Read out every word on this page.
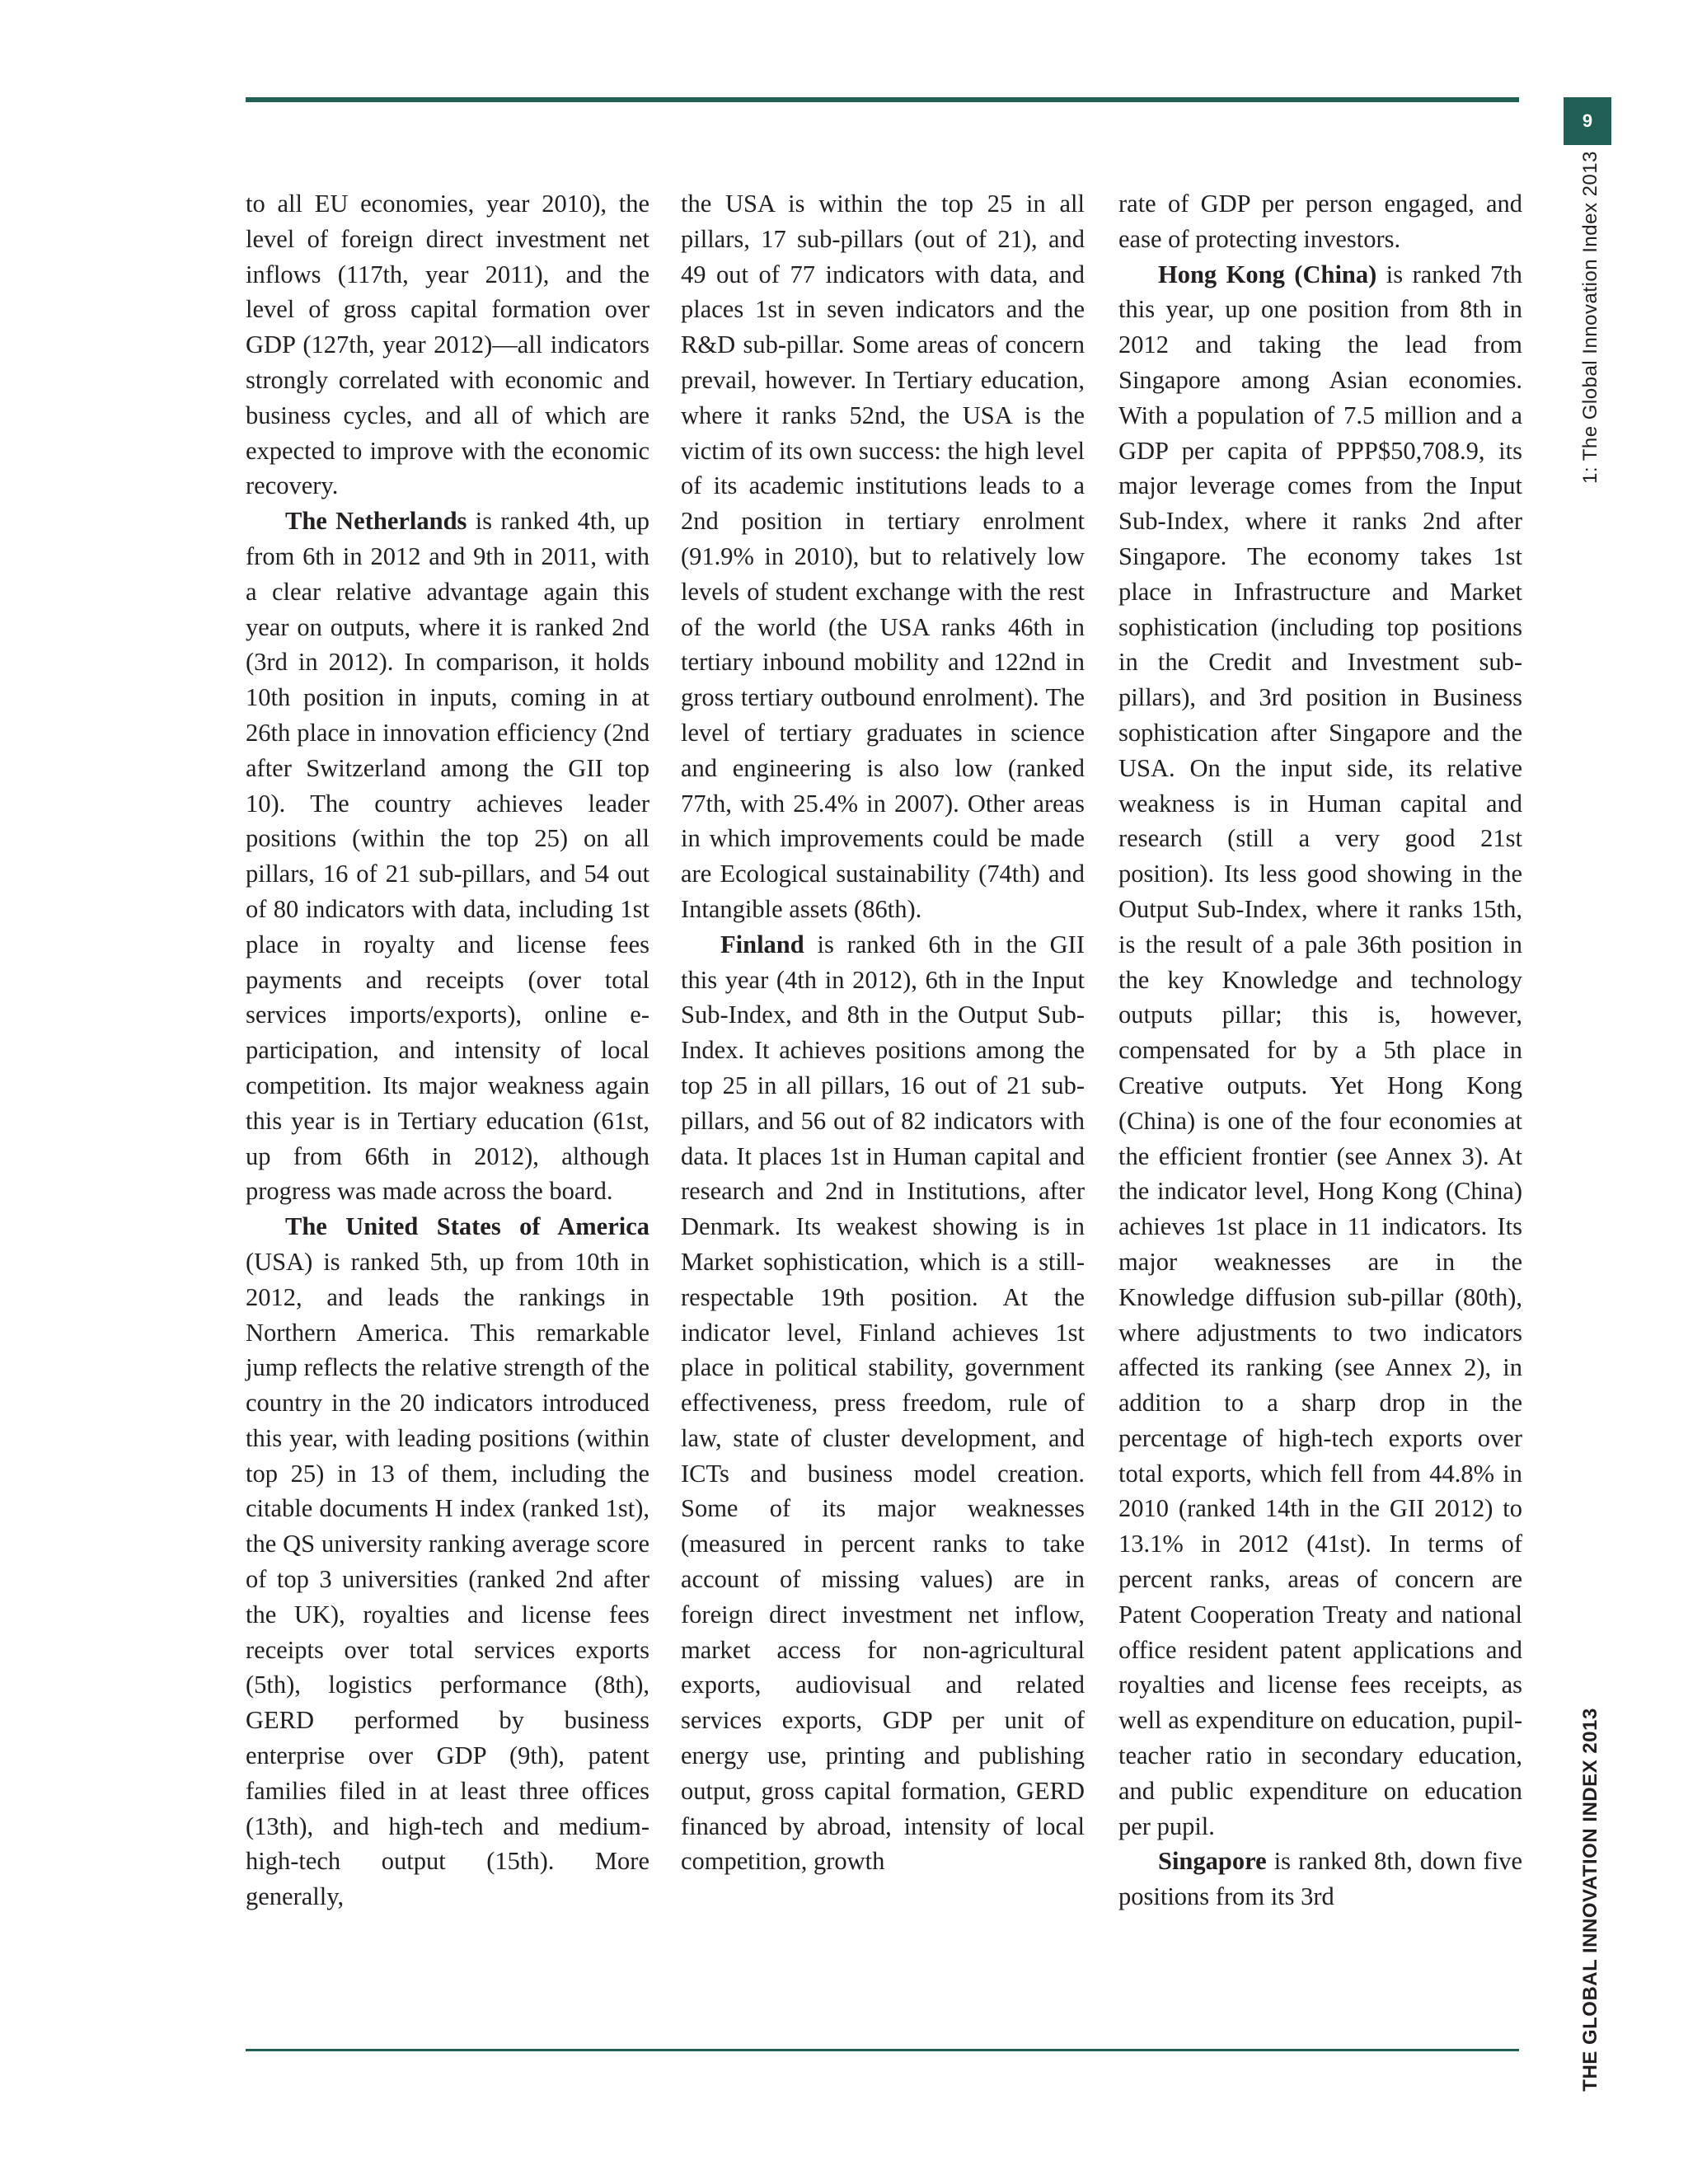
9
1: The Global Innovation Index 2013
THE GLOBAL INNOVATION INDEX 2013

to all EU economies, year 2010), the level of foreign direct investment net inflows (117th, year 2011), and the level of gross capital formation over GDP (127th, year 2012)—all indicators strongly correlated with economic and business cycles, and all of which are expected to improve with the economic recovery.

The Netherlands is ranked 4th, up from 6th in 2012 and 9th in 2011, with a clear relative advantage again this year on outputs, where it is ranked 2nd (3rd in 2012). In comparison, it holds 10th position in inputs, coming in at 26th place in innovation efficiency (2nd after Switzerland among the GII top 10). The country achieves leader positions (within the top 25) on all pillars, 16 of 21 sub-pillars, and 54 out of 80 indicators with data, including 1st place in royalty and license fees payments and receipts (over total services imports/exports), online e-participation, and intensity of local competition. Its major weakness again this year is in Tertiary education (61st, up from 66th in 2012), although progress was made across the board.

The United States of America (USA) is ranked 5th, up from 10th in 2012, and leads the rankings in Northern America. This remarkable jump reflects the relative strength of the country in the 20 indicators introduced this year, with leading positions (within top 25) in 13 of them, including the citable documents H index (ranked 1st), the QS university ranking average score of top 3 universities (ranked 2nd after the UK), royalties and license fees receipts over total services exports (5th), logistics performance (8th), GERD performed by business enterprise over GDP (9th), patent families filed in at least three offices (13th), and high-tech and medium-high-tech output (15th). More generally,

the USA is within the top 25 in all pillars, 17 sub-pillars (out of 21), and 49 out of 77 indicators with data, and places 1st in seven indicators and the R&D sub-pillar. Some areas of concern prevail, however. In Tertiary education, where it ranks 52nd, the USA is the victim of its own success: the high level of its academic institutions leads to a 2nd position in tertiary enrolment (91.9% in 2010), but to relatively low levels of student exchange with the rest of the world (the USA ranks 46th in tertiary inbound mobility and 122nd in gross tertiary outbound enrolment). The level of tertiary graduates in science and engineering is also low (ranked 77th, with 25.4% in 2007). Other areas in which improvements could be made are Ecological sustainability (74th) and Intangible assets (86th).

Finland is ranked 6th in the GII this year (4th in 2012), 6th in the Input Sub-Index, and 8th in the Output Sub-Index. It achieves positions among the top 25 in all pillars, 16 out of 21 sub-pillars, and 56 out of 82 indicators with data. It places 1st in Human capital and research and 2nd in Institutions, after Denmark. Its weakest showing is in Market sophistication, which is a still-respectable 19th position. At the indicator level, Finland achieves 1st place in political stability, government effectiveness, press freedom, rule of law, state of cluster development, and ICTs and business model creation. Some of its major weaknesses (measured in percent ranks to take account of missing values) are in foreign direct investment net inflow, market access for non-agricultural exports, audiovisual and related services exports, GDP per unit of energy use, printing and publishing output, gross capital formation, GERD financed by abroad, intensity of local competition, growth

rate of GDP per person engaged, and ease of protecting investors.

Hong Kong (China) is ranked 7th this year, up one position from 8th in 2012 and taking the lead from Singapore among Asian economies. With a population of 7.5 million and a GDP per capita of PPP$50,708.9, its major leverage comes from the Input Sub-Index, where it ranks 2nd after Singapore. The economy takes 1st place in Infrastructure and Market sophistication (including top positions in the Credit and Investment sub-pillars), and 3rd position in Business sophistication after Singapore and the USA. On the input side, its relative weakness is in Human capital and research (still a very good 21st position). Its less good showing in the Output Sub-Index, where it ranks 15th, is the result of a pale 36th position in the key Knowledge and technology outputs pillar; this is, however, compensated for by a 5th place in Creative outputs. Yet Hong Kong (China) is one of the four economies at the efficient frontier (see Annex 3). At the indicator level, Hong Kong (China) achieves 1st place in 11 indicators. Its major weaknesses are in the Knowledge diffusion sub-pillar (80th), where adjustments to two indicators affected its ranking (see Annex 2), in addition to a sharp drop in the percentage of high-tech exports over total exports, which fell from 44.8% in 2010 (ranked 14th in the GII 2012) to 13.1% in 2012 (41st). In terms of percent ranks, areas of concern are Patent Cooperation Treaty and national office resident patent applications and royalties and license fees receipts, as well as expenditure on education, pupil-teacher ratio in secondary education, and public expenditure on education per pupil.

Singapore is ranked 8th, down five positions from its 3rd
